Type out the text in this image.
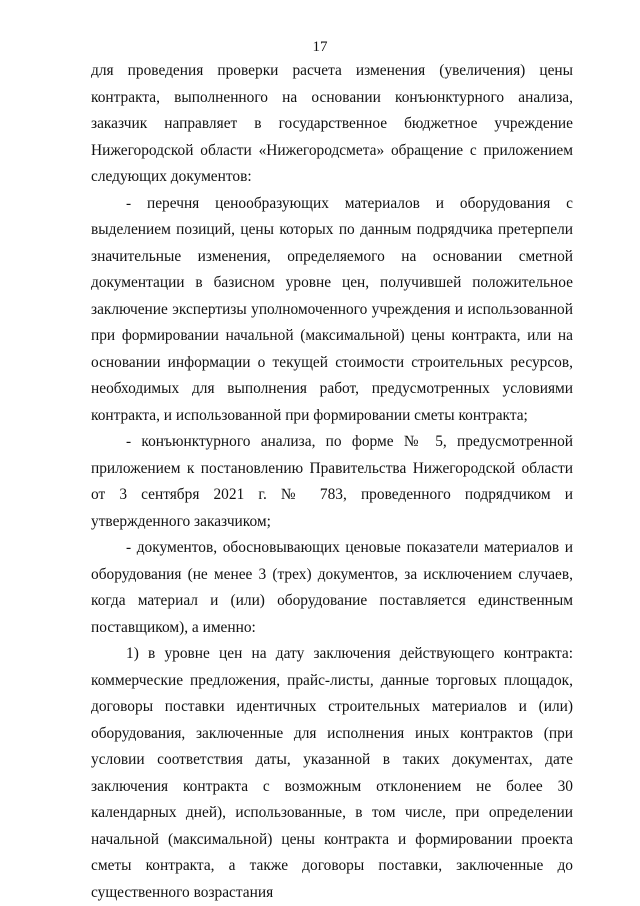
17

для проведения проверки расчета изменения (увеличения) цены контракта, выполненного на основании конъюнктурного анализа, заказчик направляет в государственное бюджетное учреждение Нижегородской области «Нижегородсмета» обращение с приложением следующих документов:

- перечня ценообразующих материалов и оборудования с выделением позиций, цены которых по данным подрядчика претерпели значительные изменения, определяемого на основании сметной документации в базисном уровне цен, получившей положительное заключение экспертизы уполномоченного учреждения и использованной при формировании начальной (максимальной) цены контракта, или на основании информации о текущей стоимости строительных ресурсов, необходимых для выполнения работ, предусмотренных условиями контракта, и использованной при формировании сметы контракта;

- конъюнктурного анализа, по форме № 5, предусмотренной приложением к постановлению Правительства Нижегородской области от 3 сентября 2021 г. № 783, проведенного подрядчиком и утвержденного заказчиком;

- документов, обосновывающих ценовые показатели материалов и оборудования (не менее 3 (трех) документов, за исключением случаев, когда материал и (или) оборудование поставляется единственным поставщиком), а именно:

1) в уровне цен на дату заключения действующего контракта: коммерческие предложения, прайс-листы, данные торговых площадок, договоры поставки идентичных строительных материалов и (или) оборудования, заключенные для исполнения иных контрактов (при условии соответствия даты, указанной в таких документах, дате заключения контракта с возможным отклонением не более 30 календарных дней), использованные, в том числе, при определении начальной (максимальной) цены контракта и формировании проекта сметы контракта, а также договоры поставки, заключенные до существенного возрастания
